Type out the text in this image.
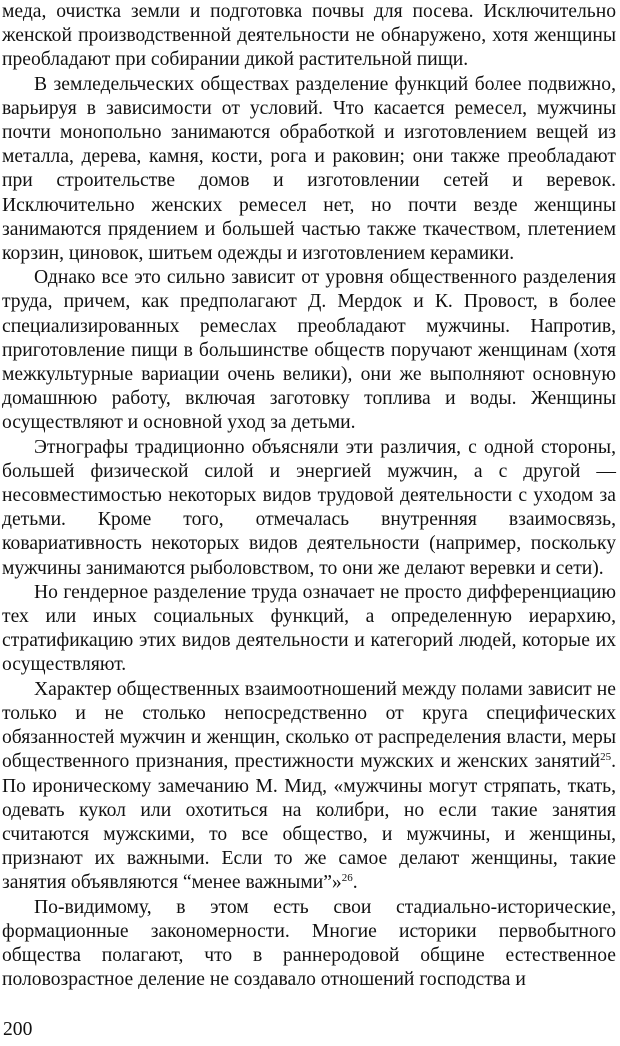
меда, очистка земли и подготовка почвы для посева. Исключительно женской производственной деятельности не обнаружено, хотя женщины преобладают при собирании дикой растительной пищи.

В земледельческих обществах разделение функций более подвижно, варьируя в зависимости от условий. Что касается ремесел, мужчины почти монопольно занимаются обработкой и изготовлением вещей из металла, дерева, камня, кости, рога и раковин; они также преобладают при строительстве домов и изготовлении сетей и веревок. Исключительно женских ремесел нет, но почти везде женщины занимаются прядением и большей частью также ткачеством, плетением корзин, циновок, шитьем одежды и изготовлением керамики.

Однако все это сильно зависит от уровня общественного разделения труда, причем, как предполагают Д. Мердок и К. Провост, в более специализированных ремеслах преобладают мужчины. Напротив, приготовление пищи в большинстве обществ поручают женщинам (хотя межкультурные вариации очень велики), они же выполняют основную домашнюю работу, включая заготовку топлива и воды. Женщины осуществляют и основной уход за детьми.

Этнографы традиционно объясняли эти различия, с одной стороны, большей физической силой и энергией мужчин, а с другой — несовместимостью некоторых видов трудовой деятельности с уходом за детьми. Кроме того, отмечалась внутренняя взаимосвязь, ковариативность некоторых видов деятельности (например, поскольку мужчины занимаются рыболовством, то они же делают веревки и сети).

Но гендерное разделение труда означает не просто дифференциацию тех или иных социальных функций, а определенную иерархию, стратификацию этих видов деятельности и категорий людей, которые их осуществляют.

Характер общественных взаимоотношений между полами зависит не только и не столько непосредственно от круга специфических обязанностей мужчин и женщин, сколько от распределения власти, меры общественного признания, престижности мужских и женских занятий$^{25}$. По ироническому замечанию М. Мид, «мужчины могут стряпать, ткать, одевать кукол или охотиться на колибри, но если такие занятия считаются мужскими, то все общество, и мужчины, и женщины, признают их важными. Если то же самое делают женщины, такие занятия объявляются “менее важными”»$^{26}$.

По-видимому, в этом есть свои стадиально-исторические, формационные закономерности. Многие историки первобытного общества полагают, что в раннеродовой общине естественное половозрастное деление не создавало отношений господства и

200
